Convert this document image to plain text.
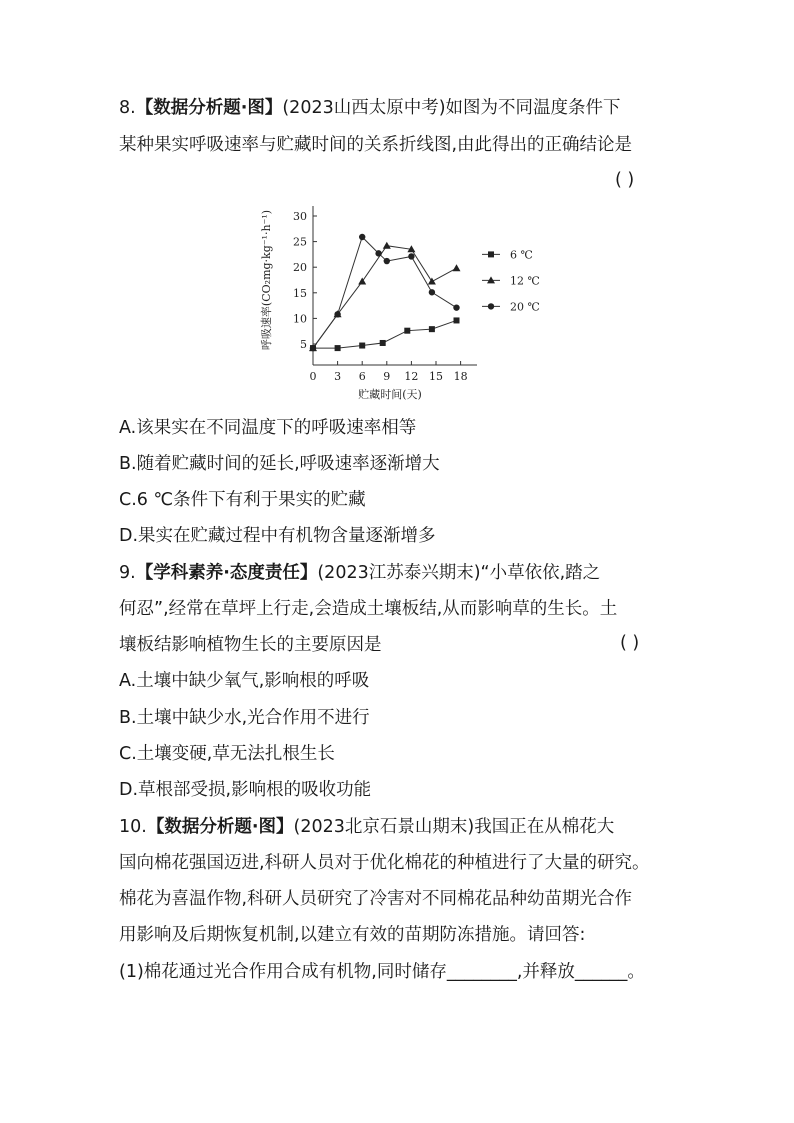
8.【数据分析题·图】(2023山西太原中考)如图为不同温度条件下
某种果实呼吸速率与贮藏时间的关系折线图,由此得出的正确结论是
( )
5
10
15
20
25
30
0 3 6 9 12 15 18
贮藏时间(天)
呼吸速率(CO₂mg·kg⁻¹·h⁻¹)	6 ℃
12 ℃
20 ℃
A.该果实在不同温度下的呼吸速率相等
B.随着贮藏时间的延长,呼吸速率逐渐增大
C.6 ℃条件下有利于果实的贮藏
D.果实在贮藏过程中有机物含量逐渐增多
9.【学科素养·态度责任】(2023江苏泰兴期末)“小草依依,踏之
何忍”,经常在草坪上行走,会造成土壤板结,从而影响草的生长。土
壤板结影响植物生长的主要原因是	( )
A.土壤中缺少氧气,影响根的呼吸
B.土壤中缺少水,光合作用不进行
C.土壤变硬,草无法扎根生长
D.草根部受损,影响根的吸收功能
10.【数据分析题·图】(2023北京石景山期末)我国正在从棉花大
国向棉花强国迈进,科研人员对于优化棉花的种植进行了大量的研究。
棉花为喜温作物,科研人员研究了冷害对不同棉花品种幼苗期光合作
用影响及后期恢复机制,以建立有效的苗期防冻措施。请回答:
(1)棉花通过光合作用合成有机物,同时储存________,并释放______。
